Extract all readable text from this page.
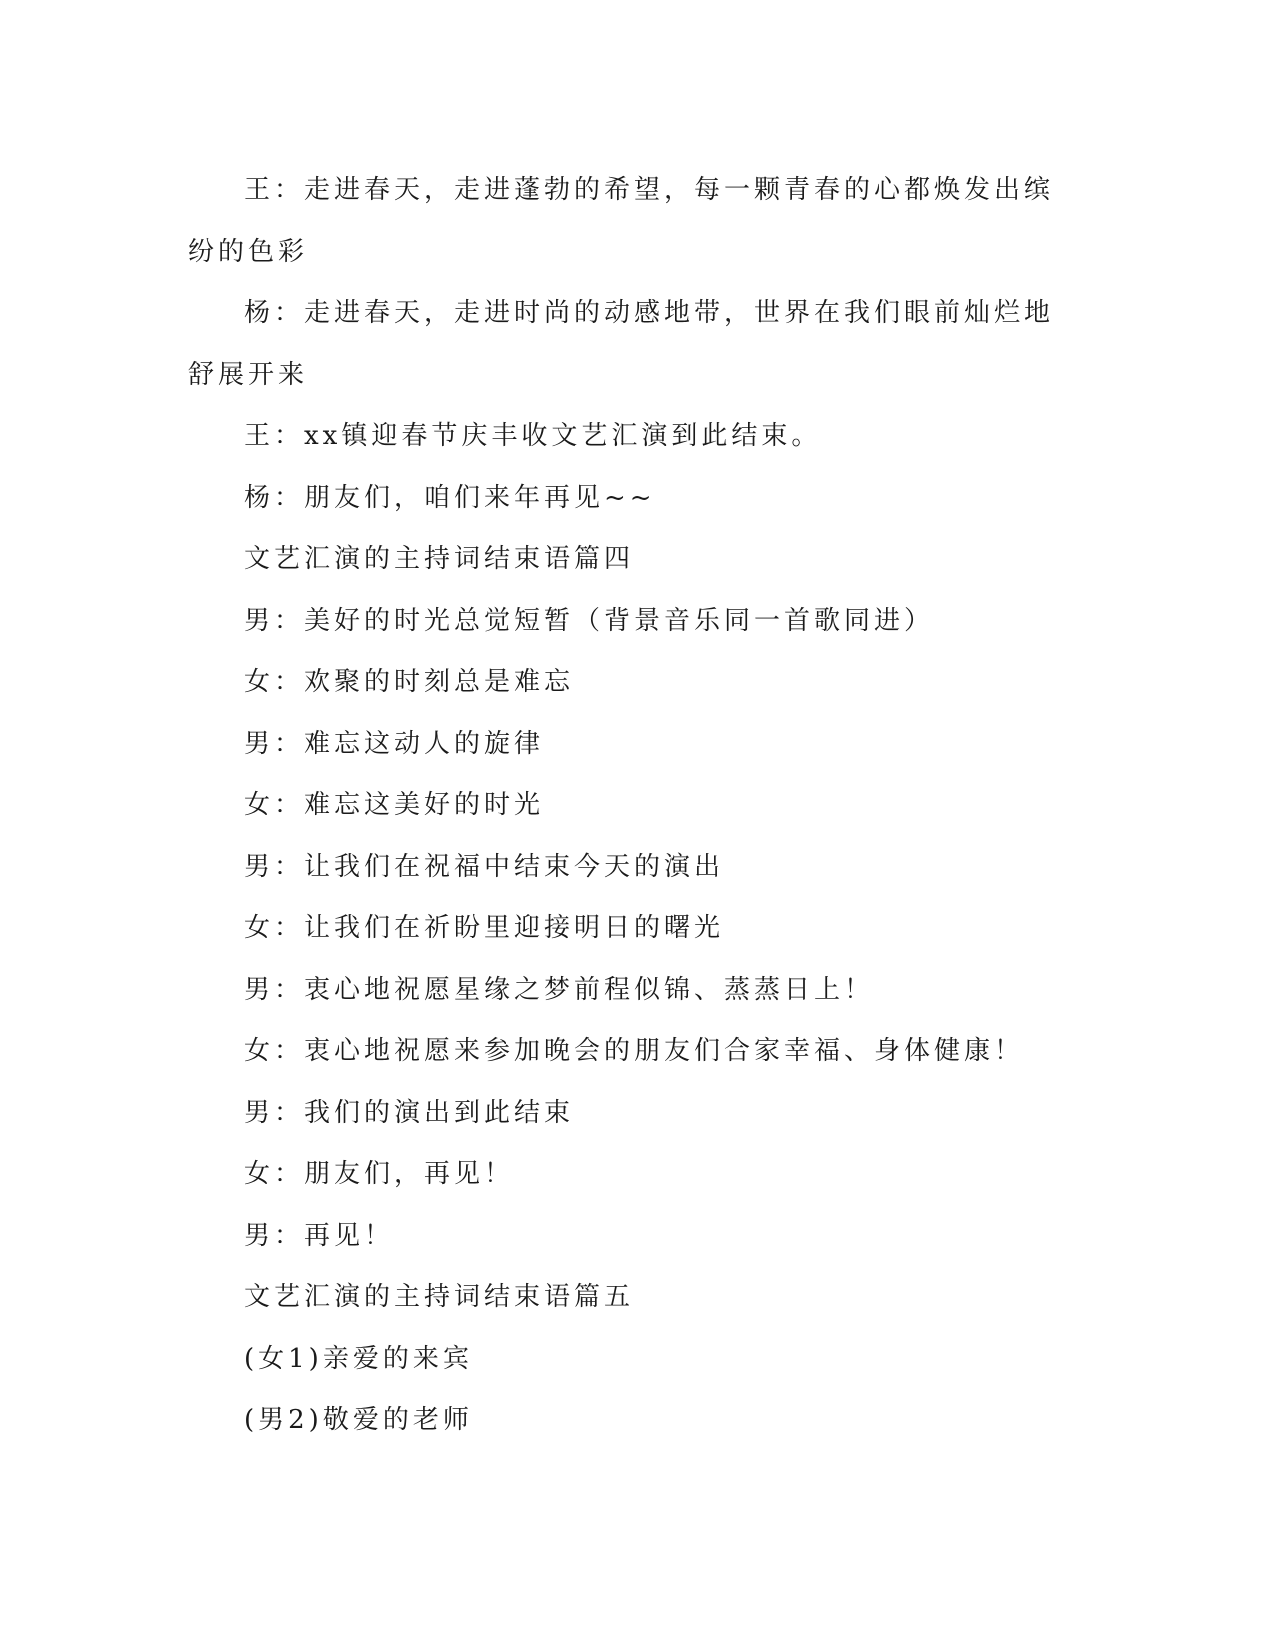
王：走进春天，走进蓬勃的希望，每一颗青春的心都焕发出缤纷的色彩

杨：走进春天，走进时尚的动感地带，世界在我们眼前灿烂地舒展开来

王：xx镇迎春节庆丰收文艺汇演到此结束。

杨：朋友们，咱们来年再见~~

文艺汇演的主持词结束语篇四

男：美好的时光总觉短暂（背景音乐同一首歌同进）

女：欢聚的时刻总是难忘

男：难忘这动人的旋律

女：难忘这美好的时光

男：让我们在祝福中结束今天的演出

女：让我们在祈盼里迎接明日的曙光

男：衷心地祝愿星缘之梦前程似锦、蒸蒸日上！

女：衷心地祝愿来参加晚会的朋友们合家幸福、身体健康！

男：我们的演出到此结束

女：朋友们，再见！

男：再见！

文艺汇演的主持词结束语篇五

(女1)亲爱的来宾

(男2)敬爱的老师
